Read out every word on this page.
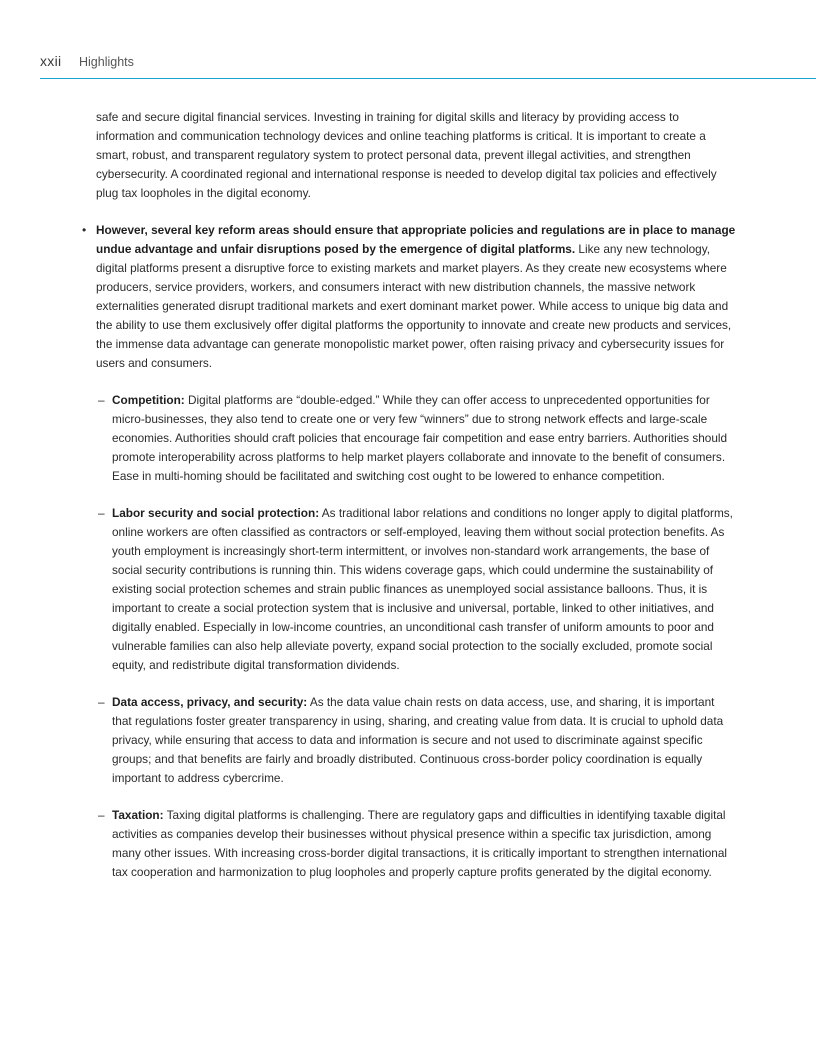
xxii Highlights

safe and secure digital financial services. Investing in training for digital skills and literacy by providing access to information and communication technology devices and online teaching platforms is critical. It is important to create a smart, robust, and transparent regulatory system to protect personal data, prevent illegal activities, and strengthen cybersecurity. A coordinated regional and international response is needed to develop digital tax policies and effectively plug tax loopholes in the digital economy.

• However, several key reform areas should ensure that appropriate policies and regulations are in place to manage undue advantage and unfair disruptions posed by the emergence of digital platforms. Like any new technology, digital platforms present a disruptive force to existing markets and market players. As they create new ecosystems where producers, service providers, workers, and consumers interact with new distribution channels, the massive network externalities generated disrupt traditional markets and exert dominant market power. While access to unique big data and the ability to use them exclusively offer digital platforms the opportunity to innovate and create new products and services, the immense data advantage can generate monopolistic market power, often raising privacy and cybersecurity issues for users and consumers.

– Competition: Digital platforms are “double-edged.” While they can offer access to unprecedented opportunities for micro-businesses, they also tend to create one or very few “winners” due to strong network effects and large-scale economies. Authorities should craft policies that encourage fair competition and ease entry barriers. Authorities should promote interoperability across platforms to help market players collaborate and innovate to the benefit of consumers. Ease in multi-homing should be facilitated and switching cost ought to be lowered to enhance competition.

– Labor security and social protection: As traditional labor relations and conditions no longer apply to digital platforms, online workers are often classified as contractors or self-employed, leaving them without social protection benefits. As youth employment is increasingly short-term intermittent, or involves non-standard work arrangements, the base of social security contributions is running thin. This widens coverage gaps, which could undermine the sustainability of existing social protection schemes and strain public finances as unemployed social assistance balloons. Thus, it is important to create a social protection system that is inclusive and universal, portable, linked to other initiatives, and digitally enabled. Especially in low-income countries, an unconditional cash transfer of uniform amounts to poor and vulnerable families can also help alleviate poverty, expand social protection to the socially excluded, promote social equity, and redistribute digital transformation dividends.

– Data access, privacy, and security: As the data value chain rests on data access, use, and sharing, it is important that regulations foster greater transparency in using, sharing, and creating value from data. It is crucial to uphold data privacy, while ensuring that access to data and information is secure and not used to discriminate against specific groups; and that benefits are fairly and broadly distributed. Continuous cross-border policy coordination is equally important to address cybercrime.

– Taxation: Taxing digital platforms is challenging. There are regulatory gaps and difficulties in identifying taxable digital activities as companies develop their businesses without physical presence within a specific tax jurisdiction, among many other issues. With increasing cross-border digital transactions, it is critically important to strengthen international tax cooperation and harmonization to plug loopholes and properly capture profits generated by the digital economy.
